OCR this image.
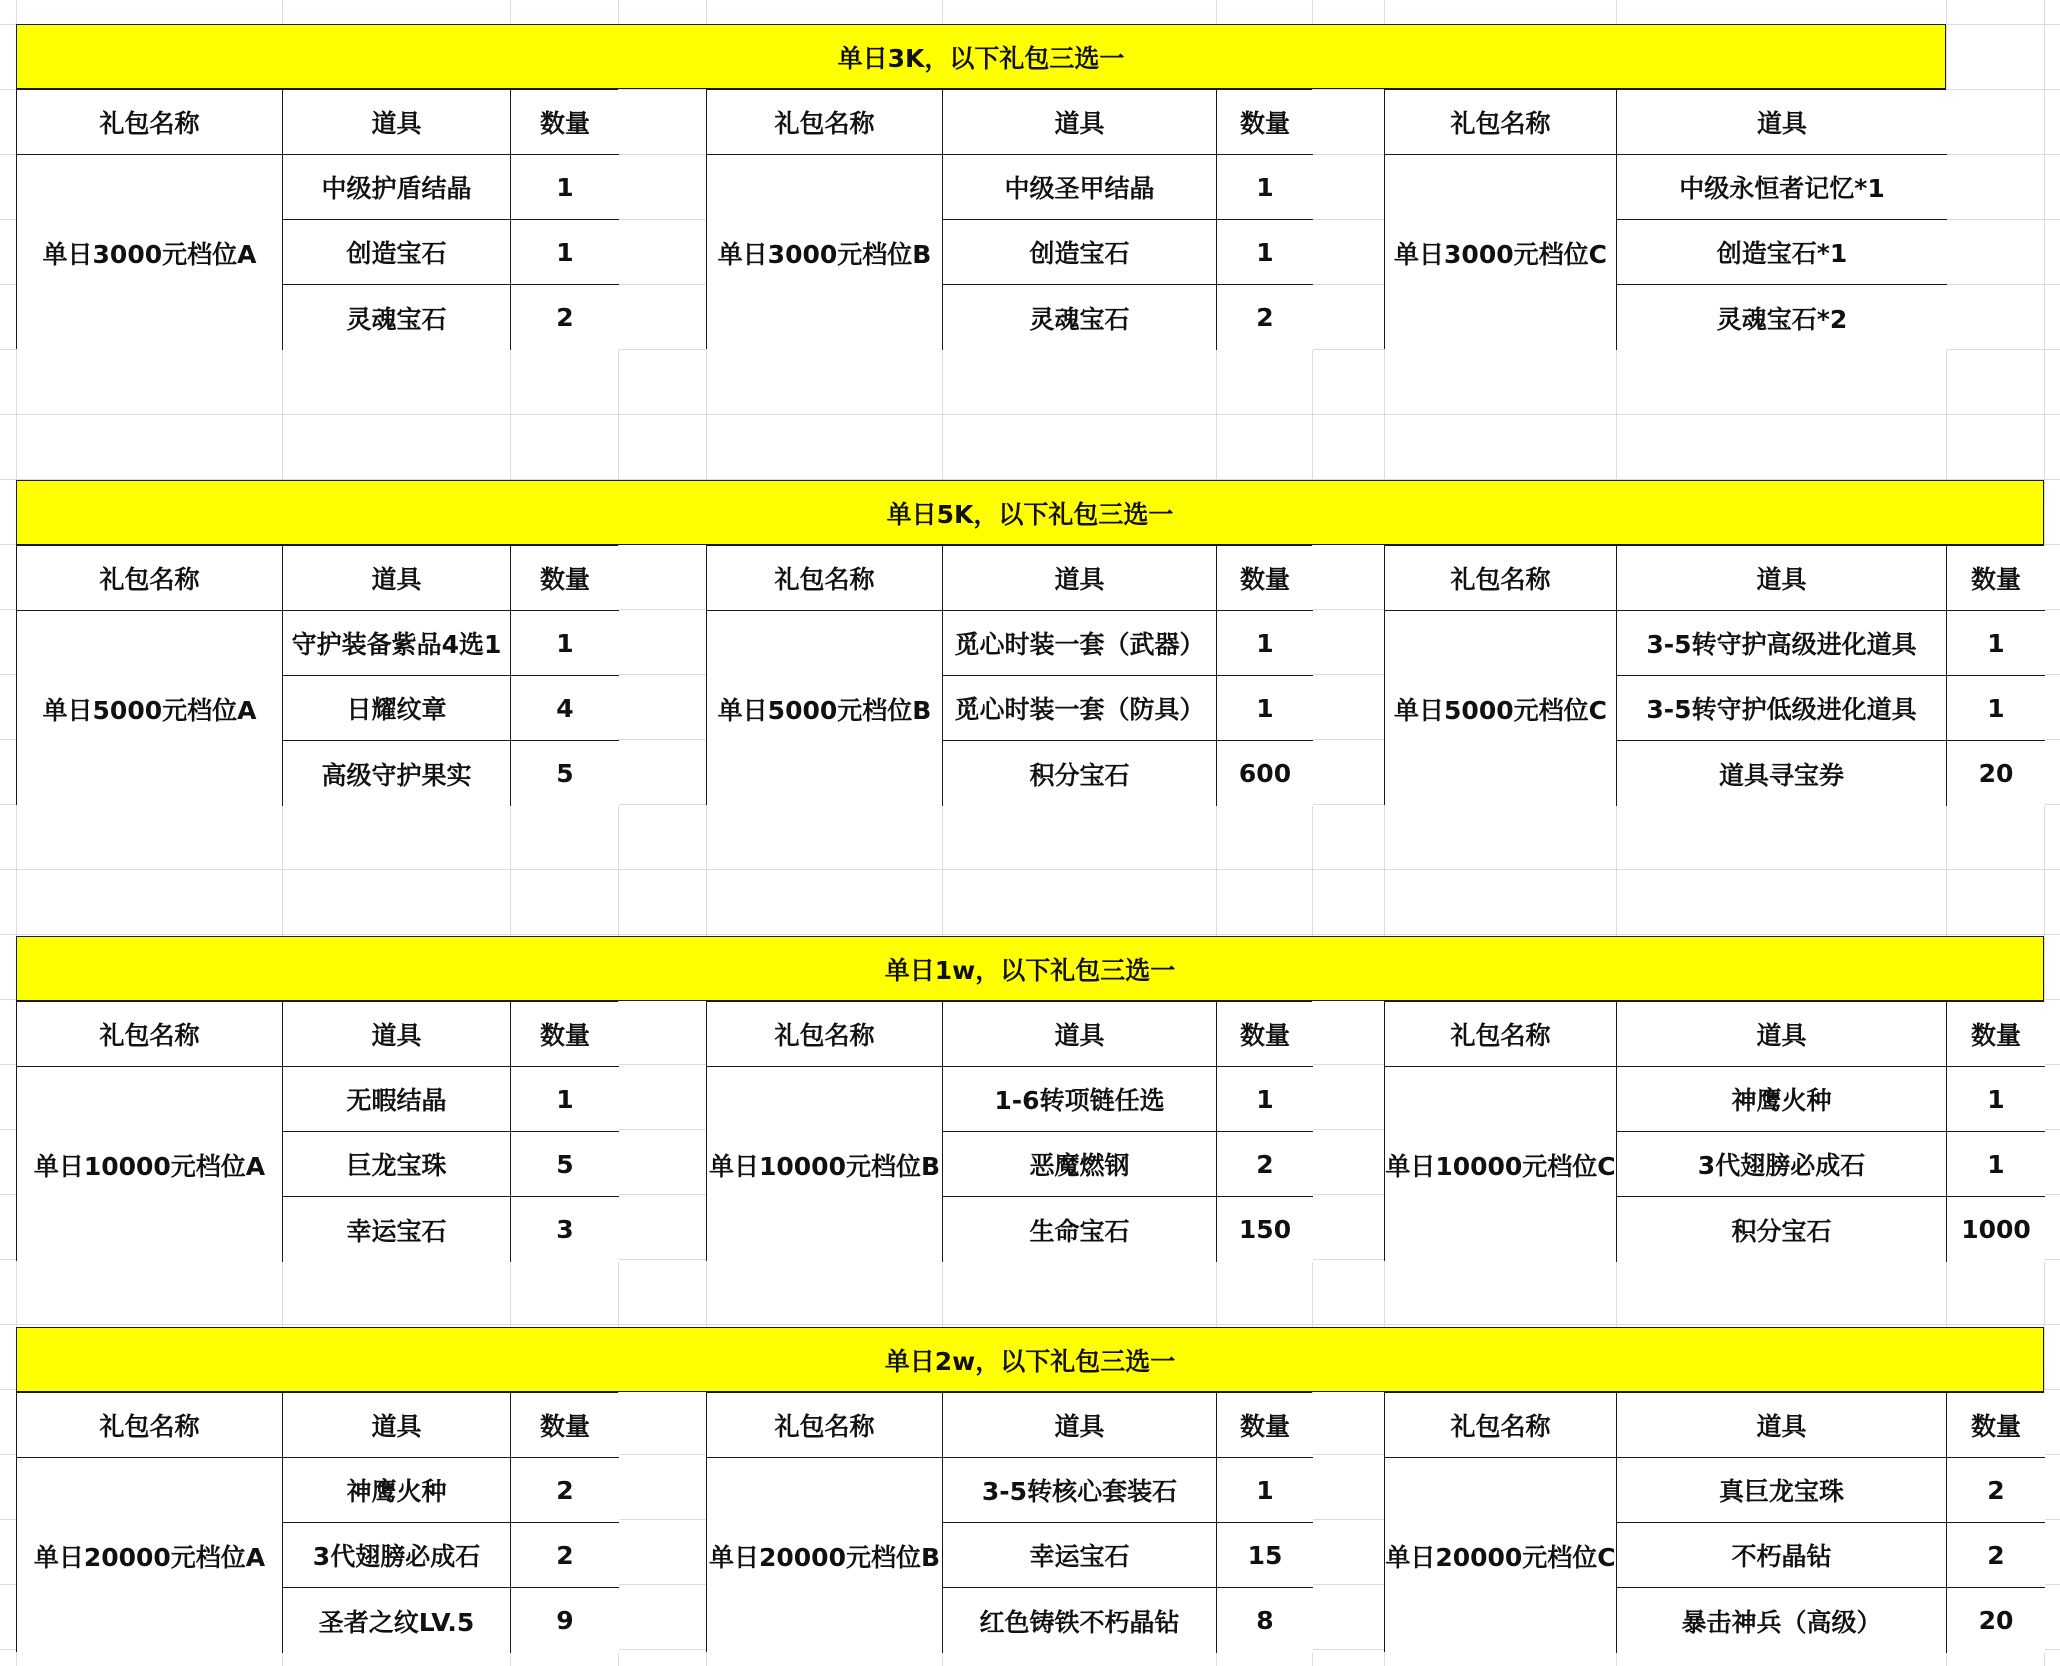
单日3K，以下礼包三选一
礼包名称	道具	数量
单日3000元档位A
中级护盾结晶	1
创造宝石	1
灵魂宝石	2
礼包名称	道具	数量
单日3000元档位B
中级圣甲结晶	1
创造宝石	1
灵魂宝石	2
礼包名称	道具
单日3000元档位C
中级永恒者记忆*1
创造宝石*1
灵魂宝石*2
单日5K，以下礼包三选一
礼包名称	道具	数量
单日5000元档位A
守护装备紫品4选1	1
日耀纹章	4
高级守护果实	5
礼包名称	道具	数量
单日5000元档位B
觅心时装一套（武器）	1
觅心时装一套（防具）	1
积分宝石	600
礼包名称	道具	数量
单日5000元档位C
3-5转守护高级进化道具	1
3-5转守护低级进化道具	1
道具寻宝券	20
单日1w，以下礼包三选一
礼包名称	道具	数量
单日10000元档位A
无暇结晶	1
巨龙宝珠	5
幸运宝石	3
礼包名称	道具	数量
单日10000元档位B
1-6转项链任选	1
恶魔燃钢	2
生命宝石	150
礼包名称	道具	数量
单日10000元档位C
神鹰火种	1
3代翅膀必成石	1
积分宝石	1000
单日2w，以下礼包三选一
礼包名称	道具	数量
单日20000元档位A
神鹰火种	2
3代翅膀必成石	2
圣者之纹LV.5	9
礼包名称	道具	数量
单日20000元档位B
3-5转核心套装石	1
幸运宝石	15
红色铸铁不朽晶钻	8
礼包名称	道具	数量
单日20000元档位C
真巨龙宝珠	2
不朽晶钻	2
暴击神兵（高级）	20
